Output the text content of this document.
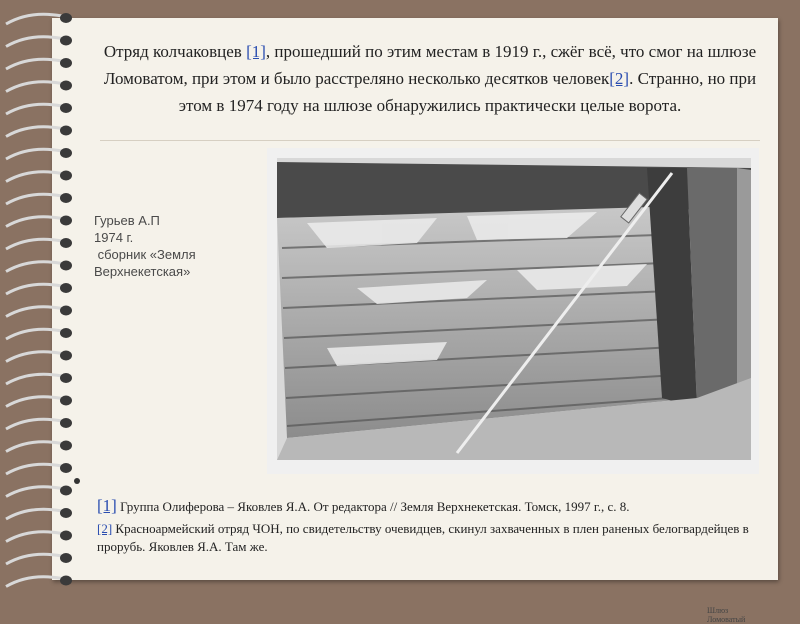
Отряд колчаковцев [1], прошедший по этим местам в 1919 г., сжёг всё, что смог на шлюзе Ломоватом, при этом и было расстреляно несколько десятков человек[2]. Странно, но при этом в 1974 году на шлюзе обнаружились практически целые ворота.
Гурьев А.П
1974 г.
сборник «Земля
Верхнекетская»
Шлюз Ломоватый
[1] Группа Олиферова – Яковлев Я.А. От редактора // Земля Верхнекетская. Томск, 1997 г., с. 8.
[2] Красноармейский отряд ЧОН, по свидетельству очевидцев, скинул захваченных в плен раненых белогвардейцев в прорубь. Яковлев Я.А. Там же.
